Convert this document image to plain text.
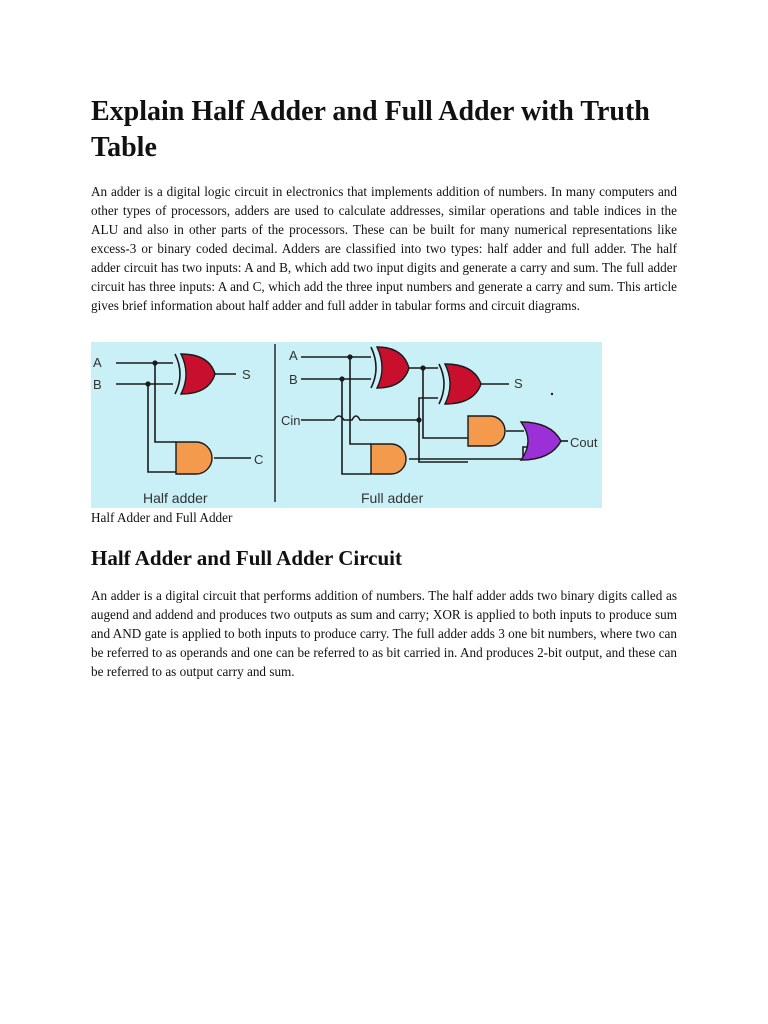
Explain Half Adder and Full Adder with Truth Table

An adder is a digital logic circuit in electronics that implements addition of numbers. In many computers and other types of processors, adders are used to calculate addresses, similar operations and table indices in the ALU and also in other parts of the processors. These can be built for many numerical representations like excess-3 or binary coded decimal. Adders are classified into two types: half adder and full adder. The half adder circuit has two inputs: A and B, which add two input digits and generate a carry and sum. The full adder circuit has three inputs: A and C, which add the three input numbers and generate a carry and sum. This article gives brief information about half adder and full adder in tabular forms and circuit diagrams.

A
B
S
C
Half adder
A
B
Cin
S
Cout
Full adder
Half Adder and Full Adder
Half Adder and Full Adder Circuit

An adder is a digital circuit that performs addition of numbers. The half adder adds two binary digits called as augend and addend and produces two outputs as sum and carry; XOR is applied to both inputs to produce sum and AND gate is applied to both inputs to produce carry. The full adder adds 3 one bit numbers, where two can be referred to as operands and one can be referred to as bit carried in. And produces 2-bit output, and these can be referred to as output carry and sum.
